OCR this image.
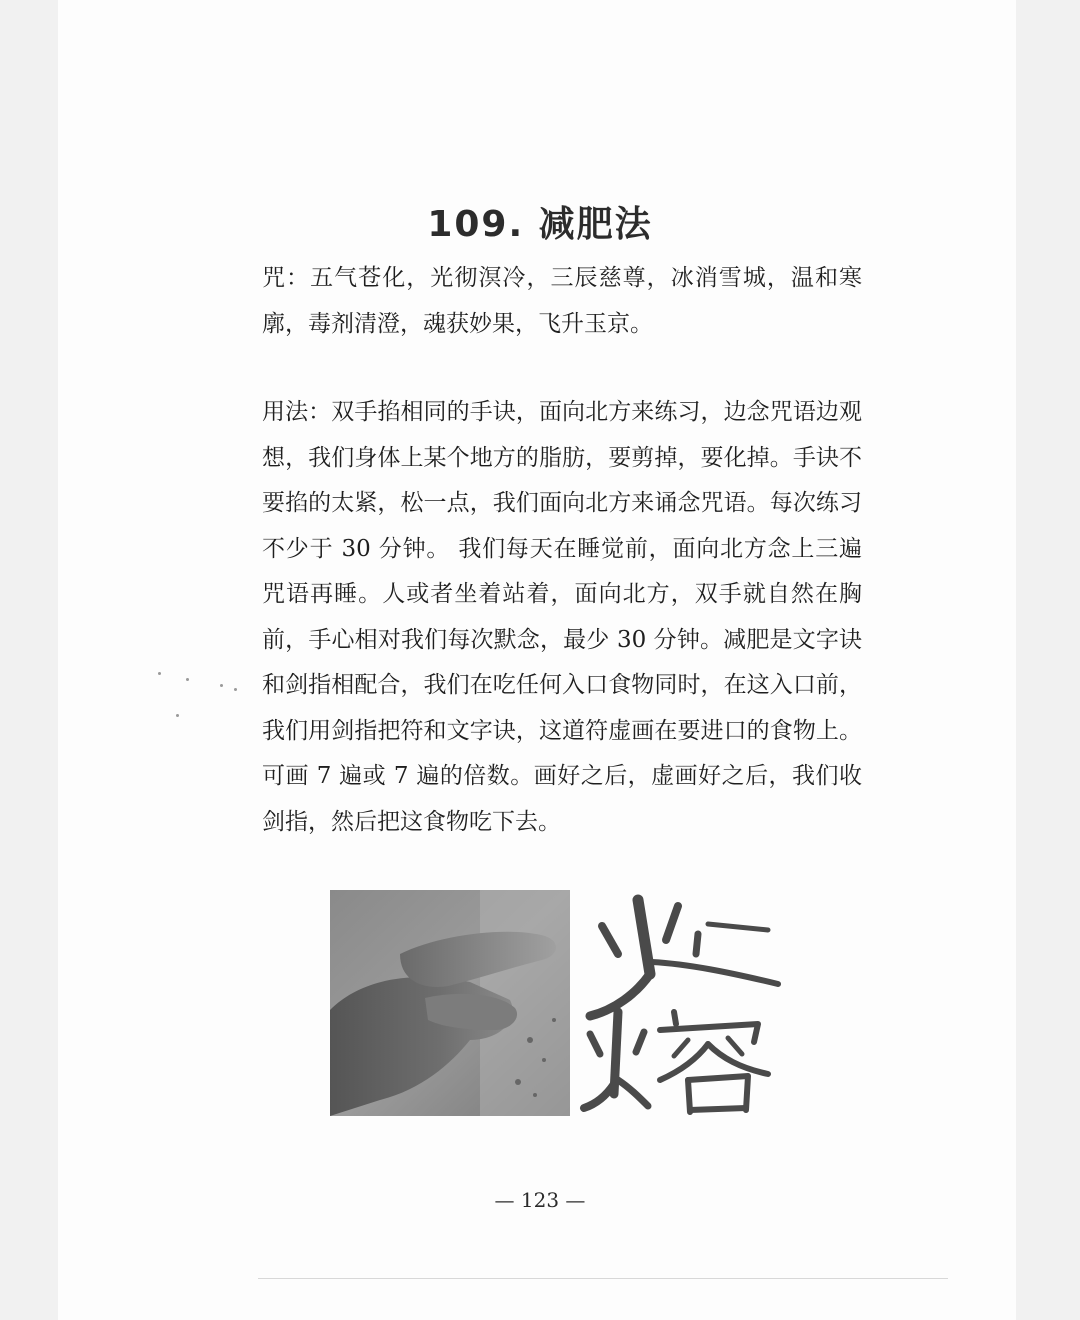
109. 减肥法

咒：五气苍化，光彻溟冷，三辰慈尊，冰消雪城，温和寒廓，毒剂清澄，魂获妙果，飞升玉京。

用法：双手掐相同的手诀，面向北方来练习，边念咒语边观想，我们身体上某个地方的脂肪，要剪掉，要化掉。手诀不要掐的太紧，松一点，我们面向北方来诵念咒语。每次练习不少于 30 分钟。 我们每天在睡觉前，面向北方念上三遍咒语再睡。人或者坐着站着，面向北方，双手就自然在胸前，手心相对我们每次默念，最少 30 分钟。减肥是文字诀和剑指相配合，我们在吃任何入口食物同时，在这入口前，我们用剑指把符和文字诀，这道符虚画在要进口的食物上。可画 7 遍或 7 遍的倍数。画好之后，虚画好之后，我们收剑指，然后把这食物吃下去。

火容
— 123 —
